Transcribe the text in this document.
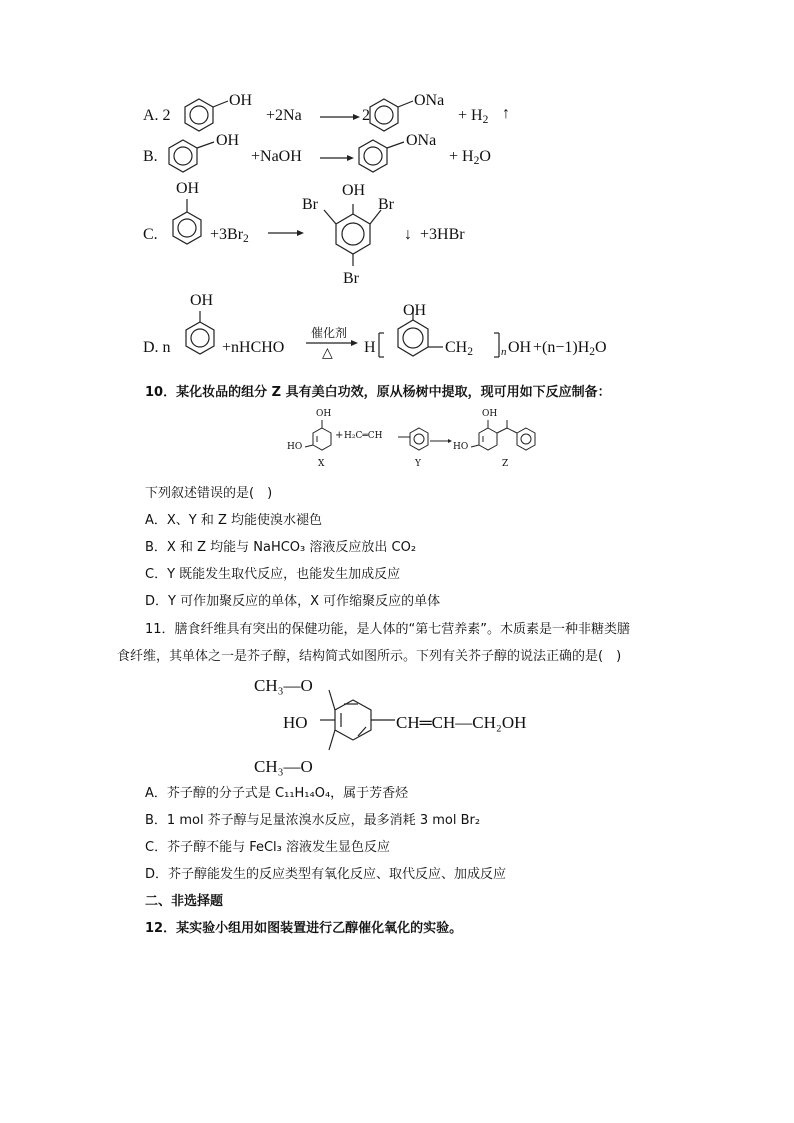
A. 2
OH
+2Na	2
ONa
+ $H_2$ ↑
B.
OH
+NaOH
ONa
+ $H_2O$
C.
OH
$+3Br_2$
OH
Br	Br
Br
↓ +3HBr
D. n
OH
+nHCHO
催化剂
△ H
OH
$CH_2$	n OH $+(n-1)H_2O$
10．某化妆品的组分 Z 具有美白功效，原从杨树中提取，现可用如下反应制备：
OH
HO
X
+ H₂C═CH
Y
OH
HO
Z
下列叙述错误的是(　)
A．X、Y 和 Z 均能使溴水褪色
B．X 和 Z 均能与 NaHCO₃ 溶液反应放出 CO₂
C．Y 既能发生取代反应，也能发生加成反应
D．Y 可作加聚反应的单体，X 可作缩聚反应的单体
11．膳食纤维具有突出的保健功能，是人体的“第七营养素”。木质素是一种非糖类膳
食纤维，其单体之一是芥子醇，结构简式如图所示。下列有关芥子醇的说法正确的是(　)
CH₃—O
HO	CH═CH—CH₂OH
CH₃—O
A．芥子醇的分子式是 C₁₁H₁₄O₄，属于芳香烃
B．1 mol 芥子醇与足量浓溴水反应，最多消耗 3 mol Br₂
C．芥子醇不能与 FeCl₃ 溶液发生显色反应
D．芥子醇能发生的反应类型有氧化反应、取代反应、加成反应
二、非选择题
12．某实验小组用如图装置进行乙醇催化氧化的实验。
